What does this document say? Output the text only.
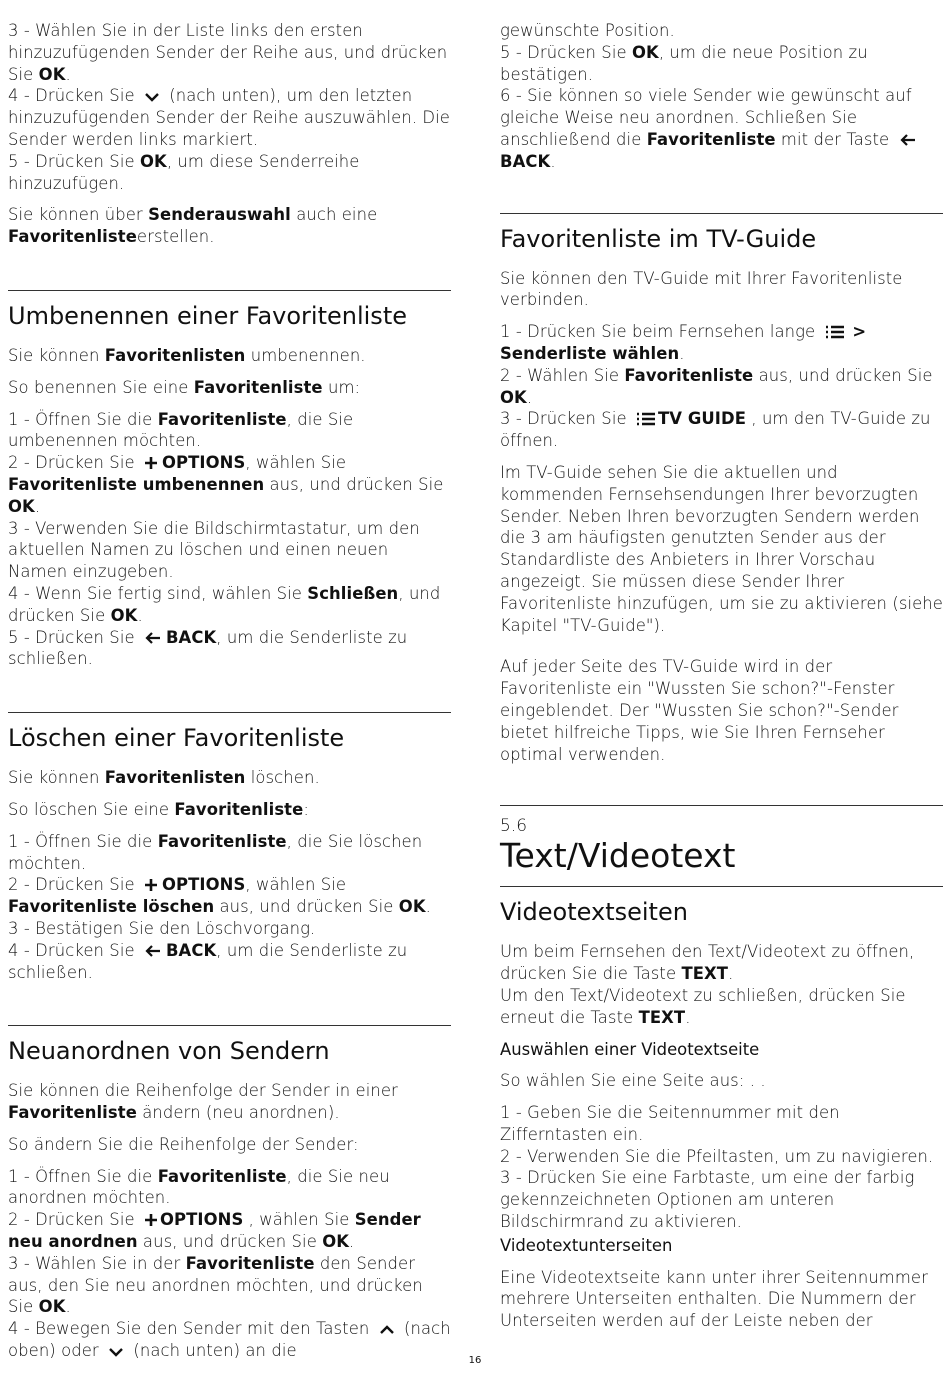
3 - Wählen Sie in der Liste links den ersten hinzuzufügenden Sender der Reihe aus, und drücken Sie OK.
4 - Drücken Sie  (nach unten), um den letzten hinzuzufügenden Sender der Reihe auszuwählen. Die Sender werden links markiert.
5 - Drücken Sie OK, um diese Senderreihe hinzuzufügen.

Sie können über Senderauswahl auch eine Favoritenlisteerstellen.

Umbenennen einer Favoritenliste

Sie können Favoritenlisten umbenennen.

So benennen Sie eine Favoritenliste um:

1 - Öffnen Sie die Favoritenliste, die Sie umbenennen möchten.
2 - Drücken Sie OPTIONS, wählen Sie Favoritenliste umbenennen aus, und drücken Sie OK.
3 - Verwenden Sie die Bildschirmtastatur, um den aktuellen Namen zu löschen und einen neuen Namen einzugeben.
4 - Wenn Sie fertig sind, wählen Sie Schließen, und drücken Sie OK.
5 - Drücken Sie BACK, um die Senderliste zu schließen.

Löschen einer Favoritenliste

Sie können Favoritenlisten löschen.

So löschen Sie eine Favoritenliste:

1 - Öffnen Sie die Favoritenliste, die Sie löschen möchten.
2 - Drücken Sie OPTIONS, wählen Sie Favoritenliste löschen aus, und drücken Sie OK.
3 - Bestätigen Sie den Löschvorgang.
4 - Drücken Sie BACK, um die Senderliste zu schließen.

Neuanordnen von Sendern

Sie können die Reihenfolge der Sender in einer Favoritenliste ändern (neu anordnen).

So ändern Sie die Reihenfolge der Sender:

1 - Öffnen Sie die Favoritenliste, die Sie neu anordnen möchten.
2 - Drücken Sie OPTIONS , wählen Sie Sender neu anordnen aus, und drücken Sie OK.
3 - Wählen Sie in der Favoritenliste den Sender aus, den Sie neu anordnen möchten, und drücken Sie OK.
4 - Bewegen Sie den Sender mit den Tasten  (nach oben) oder  (nach unten) an die

gewünschte Position.
5 - Drücken Sie OK, um die neue Position zu bestätigen.
6 - Sie können so viele Sender wie gewünscht auf gleiche Weise neu anordnen. Schließen Sie anschließend die Favoritenliste mit der Taste BACK.

Favoritenliste im TV-Guide

Sie können den TV-Guide mit Ihrer Favoritenliste verbinden.

1 - Drücken Sie beim Fernsehen lange  >
Senderliste wählen.
2 - Wählen Sie Favoritenliste aus, und drücken Sie OK.
3 - Drücken Sie TV GUIDE , um den TV-Guide zu öffnen.

Im TV-Guide sehen Sie die aktuellen und kommenden Fernsehsendungen Ihrer bevorzugten Sender. Neben Ihren bevorzugten Sendern werden die 3 am häufigsten genutzten Sender aus der Standardliste des Anbieters in Ihrer Vorschau angezeigt. Sie müssen diese Sender Ihrer Favoritenliste hinzufügen, um sie zu aktivieren (siehe Kapitel "TV-Guide").

Auf jeder Seite des TV-Guide wird in der Favoritenliste ein "Wussten Sie schon?"-Fenster eingeblendet. Der "Wussten Sie schon?"-Sender bietet hilfreiche Tipps, wie Sie Ihren Fernseher optimal verwenden.

5.6
Text/Videotext
Videotextseiten

Um beim Fernsehen den Text/Videotext zu öffnen, drücken Sie die Taste TEXT.
Um den Text/Videotext zu schließen, drücken Sie erneut die Taste TEXT.

Auswählen einer Videotextseite

So wählen Sie eine Seite aus: . .

1 - Geben Sie die Seitennummer mit den Zifferntasten ein.
2 - Verwenden Sie die Pfeiltasten, um zu navigieren.
3 - Drücken Sie eine Farbtaste, um eine der farbig gekennzeichneten Optionen am unteren Bildschirmrand zu aktivieren.

Videotextunterseiten

Eine Videotextseite kann unter ihrer Seitennummer mehrere Unterseiten enthalten. Die Nummern der Unterseiten werden auf der Leiste neben der

16
